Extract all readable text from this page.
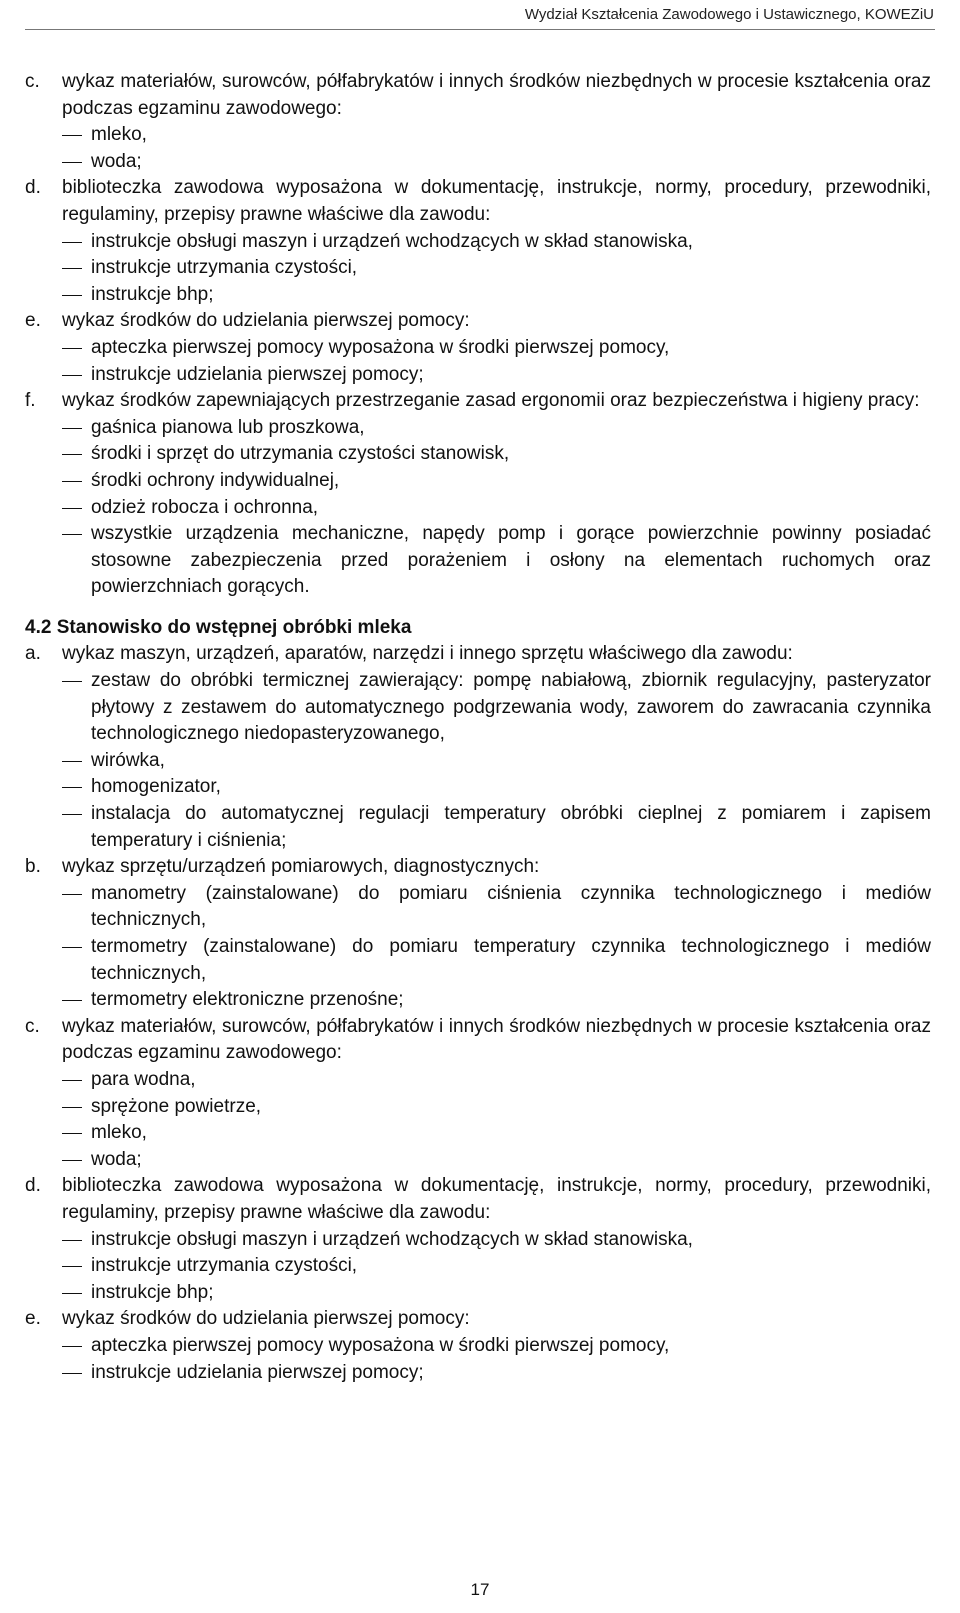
Wydział Kształcenia Zawodowego i Ustawicznego, KOWEZiU
c. wykaz materiałów, surowców, półfabrykatów i innych środków niezbędnych w procesie kształcenia oraz podczas egzaminu zawodowego:
mleko,
woda;
d. biblioteczka zawodowa wyposażona w dokumentację, instrukcje, normy, procedury, przewodniki, regulaminy, przepisy prawne właściwe dla zawodu:
instrukcje obsługi maszyn i urządzeń wchodzących w skład stanowiska,
instrukcje utrzymania czystości,
instrukcje bhp;
e. wykaz środków do udzielania pierwszej pomocy:
apteczka pierwszej pomocy wyposażona w środki pierwszej pomocy,
instrukcje udzielania pierwszej pomocy;
f. wykaz środków zapewniających przestrzeganie zasad ergonomii oraz bezpieczeństwa i higieny pracy:
gaśnica pianowa lub proszkowa,
środki i sprzęt do utrzymania czystości stanowisk,
środki ochrony indywidualnej,
odzież robocza i ochronna,
wszystkie urządzenia mechaniczne, napędy pomp i gorące powierzchnie powinny posiadać stosowne zabezpieczenia przed porażeniem i osłony na elementach ruchomych oraz powierzchniach gorących.
4.2 Stanowisko do wstępnej obróbki mleka
a. wykaz maszyn, urządzeń, aparatów, narzędzi i innego sprzętu właściwego dla zawodu:
zestaw do obróbki termicznej zawierający: pompę nabiałową, zbiornik regulacyjny, pasteryzator płytowy z zestawem do automatycznego podgrzewania wody, zaworem do zawracania czynnika technologicznego niedopasteryzowanego,
wirówka,
homogenizator,
instalacja do automatycznej regulacji temperatury obróbki cieplnej z pomiarem i zapisem temperatury i ciśnienia;
b. wykaz sprzętu/urządzeń pomiarowych, diagnostycznych:
manometry (zainstalowane) do pomiaru ciśnienia czynnika technologicznego i mediów technicznych,
termometry (zainstalowane) do pomiaru temperatury czynnika technologicznego i mediów technicznych,
termometry elektroniczne przenośne;
c. wykaz materiałów, surowców, półfabrykatów i innych środków niezbędnych w procesie kształcenia oraz podczas egzaminu zawodowego:
para wodna,
sprężone powietrze,
mleko,
woda;
d. biblioteczka zawodowa wyposażona w dokumentację, instrukcje, normy, procedury, przewodniki, regulaminy, przepisy prawne właściwe dla zawodu:
instrukcje obsługi maszyn i urządzeń wchodzących w skład stanowiska,
instrukcje utrzymania czystości,
instrukcje bhp;
e. wykaz środków do udzielania pierwszej pomocy:
apteczka pierwszej pomocy wyposażona w środki pierwszej pomocy,
instrukcje udzielania pierwszej pomocy;
17
